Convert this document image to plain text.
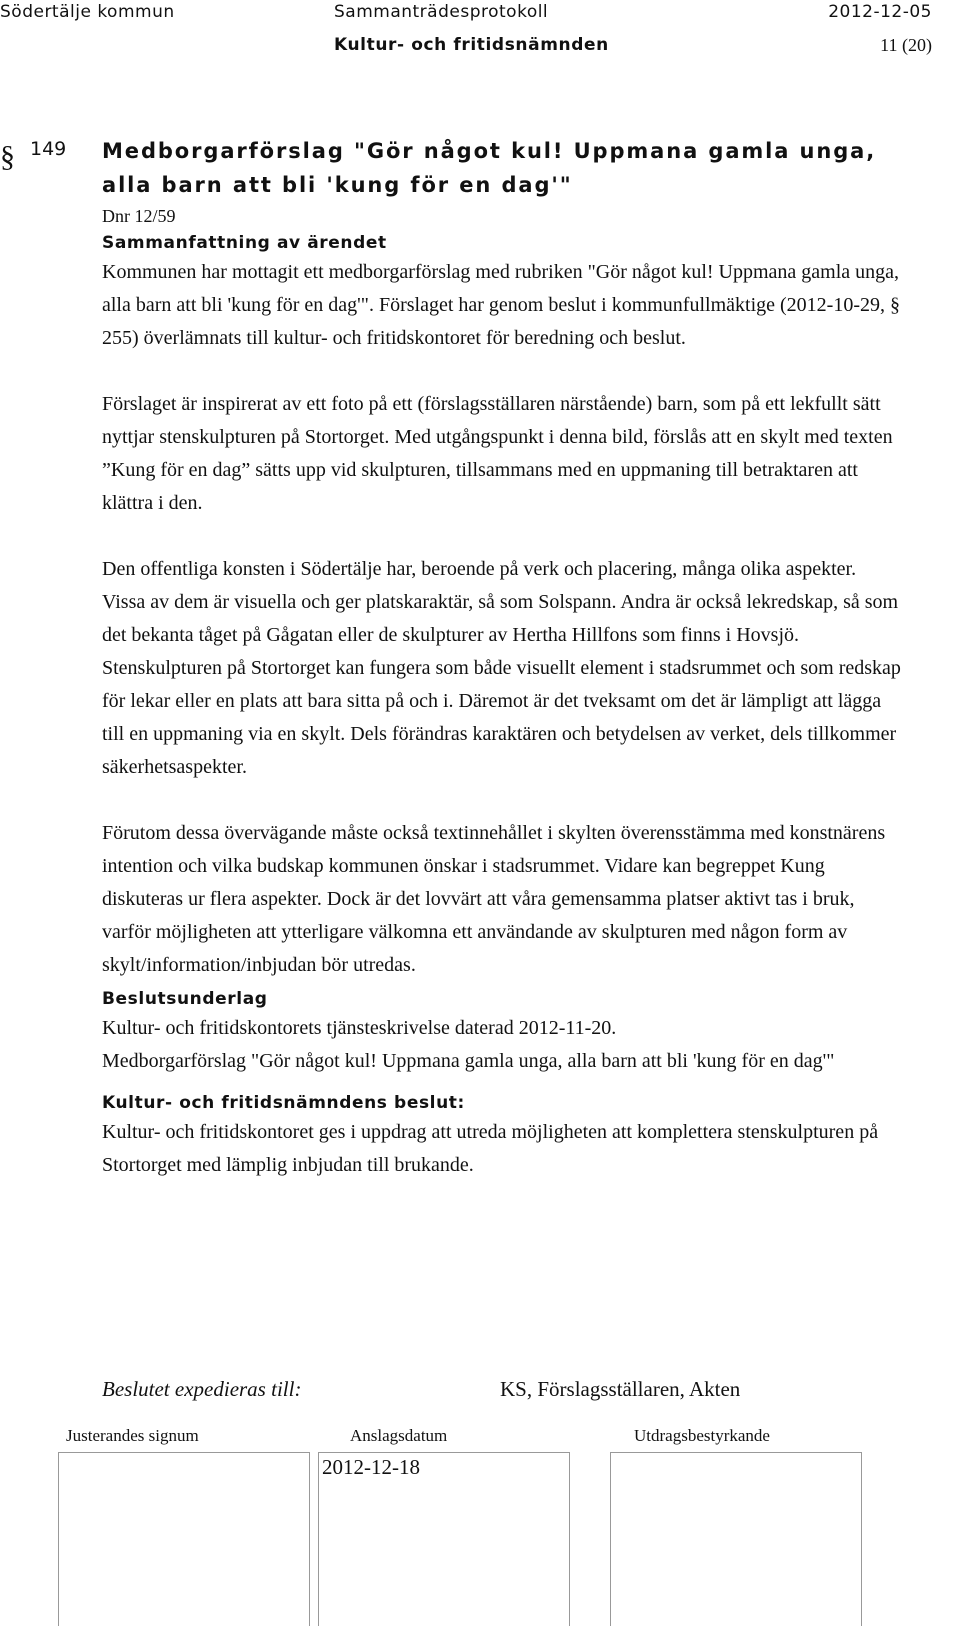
Södertälje kommun	Sammanträdesprotokoll	2012-12-05
Kultur- och fritidsnämnden	11 (20)
§ 149 Medborgarförslag "Gör något kul! Uppmana gamla unga,

alla barn att bli 'kung för en dag'"

Dnr 12/59

Sammanfattning av ärendet

Kommunen har mottagit ett medborgarförslag med rubriken "Gör något kul! Uppmana gamla unga, alla barn att bli 'kung för en dag'". Förslaget har genom beslut i kommunfullmäktige (2012-10-29, § 255) överlämnats till kultur- och fritidskontoret för beredning och beslut.

Förslaget är inspirerat av ett foto på ett (förslagsställaren närstående) barn, som på ett lekfullt sätt nyttjar stenskulpturen på Stortorget. Med utgångspunkt i denna bild, förslås att en skylt med texten ”Kung för en dag” sätts upp vid skulpturen, tillsammans med en uppmaning till betraktaren att klättra i den.

Den offentliga konsten i Södertälje har, beroende på verk och placering, många olika aspekter. Vissa av dem är visuella och ger platskaraktär, så som Solspann. Andra är också lekredskap, så som det bekanta tåget på Gågatan eller de skulpturer av Hertha Hillfons som finns i Hovsjö. Stenskulpturen på Stortorget kan fungera som både visuellt element i stadsrummet och som redskap för lekar eller en plats att bara sitta på och i. Däremot är det tveksamt om det är lämpligt att lägga till en uppmaning via en skylt. Dels förändras karaktären och betydelsen av verket, dels tillkommer säkerhetsaspekter.

Förutom dessa övervägande måste också textinnehållet i skylten överensstämma med konstnärens intention och vilka budskap kommunen önskar i stadsrummet. Vidare kan begreppet Kung diskuteras ur flera aspekter. Dock är det lovvärt att våra gemensamma platser aktivt tas i bruk, varför möjligheten att ytterligare välkomna ett användande av skulpturen med någon form av skylt/information/inbjudan bör utredas.

Beslutsunderlag

Kultur- och fritidskontorets tjänsteskrivelse daterad 2012-11-20.

Medborgarförslag "Gör något kul! Uppmana gamla unga, alla barn att bli 'kung för en dag'"

Kultur- och fritidsnämndens beslut:

Kultur- och fritidskontoret ges i uppdrag att utreda möjligheten att komplettera stenskulpturen på Stortorget med lämplig inbjudan till brukande.

Beslutet expedieras till:	KS, Förslagsställaren, Akten
Justerandes signum	Anslagsdatum	Utdragsbestyrkande
2012-12-18
